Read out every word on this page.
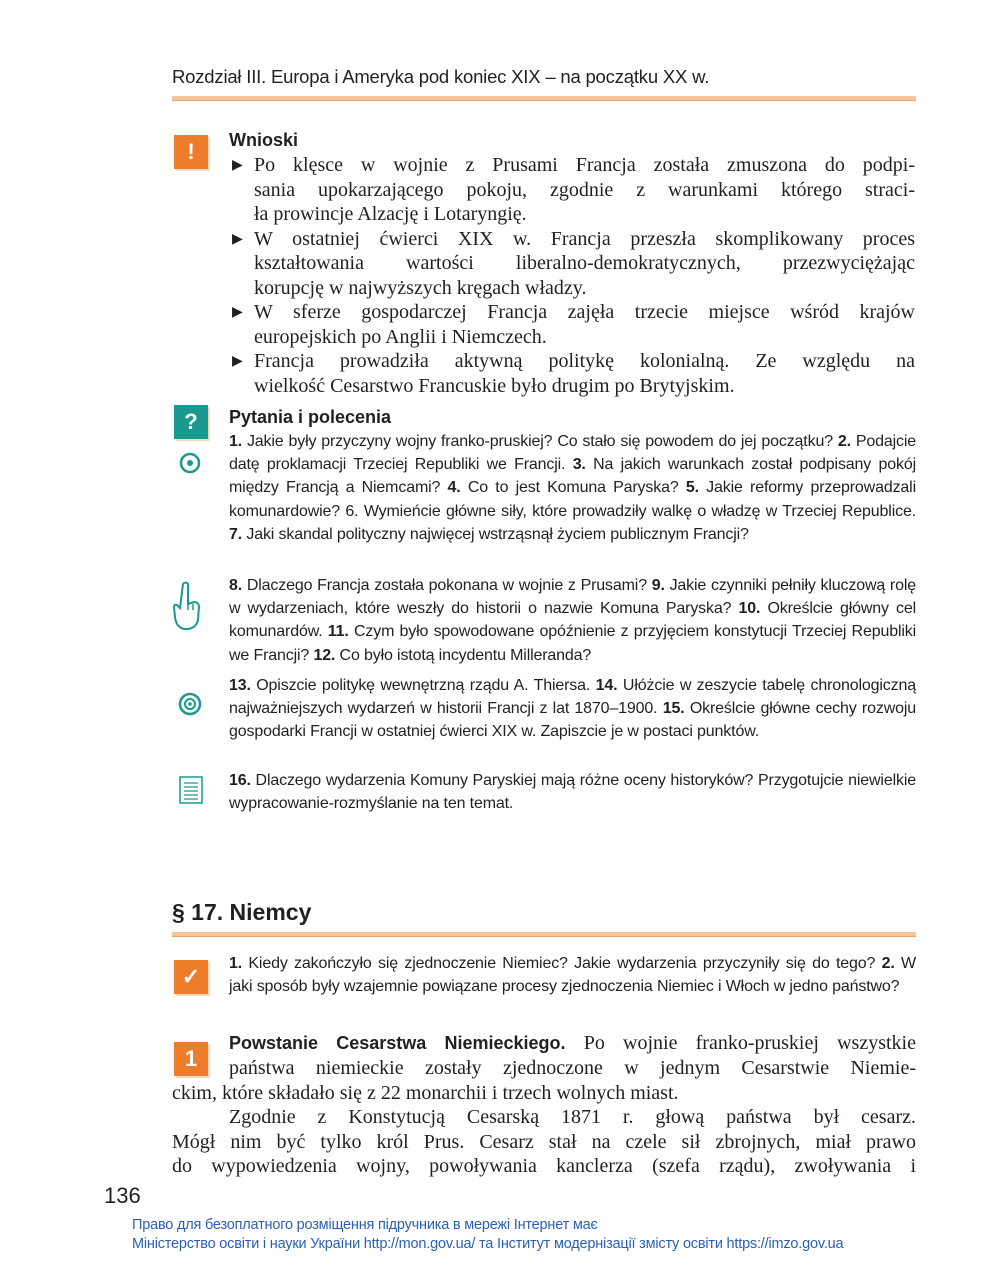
Rozdział III. Europa i Ameryka pod koniec XIX – na początku XX w.
!	Wnioski
▶ Po klęsce w wojnie z Prusami Francja została zmuszona do podpi-
sania upokarzającego pokoju, zgodnie z warunkami którego straci-
ła prowincje Alzację i Lotaryngię.
▶ W ostatniej ćwierci XIX w. Francja przeszła skomplikowany proces
kształtowania wartości liberalno-demokratycznych, przezwyciężając
korupcję w najwyższych kręgach władzy.
▶ W sferze gospodarczej Francja zajęła trzecie miejsce wśród krajów
europejskich po Anglii i Niemczech.
▶ Francja prowadziła aktywną politykę kolonialną. Ze względu na
wielkość Cesarstwo Francuskie było drugim po Brytyjskim.
?	Pytania i polecenia
1. Jakie były przyczyny wojny franko-pruskiej? Co stało się powodem do jej początku? 2. Podajcie datę proklamacji Trzeciej Republiki we Francji. 3. Na jakich warunkach został podpisany pokój między Francją a Niemcami? 4. Co to jest Komuna Paryska? 5. Jakie reformy przeprowadzali komunardowie? 6. Wymieńcie główne siły, które prowadziły walkę o władzę w Trzeciej Republice. 7. Jaki skandal polityczny najwięcej wstrząsnął życiem publicznym Francji?
8. Dlaczego Francja została pokonana w wojnie z Prusami? 9. Jakie czynniki pełniły kluczową rolę w wydarzeniach, które weszły do historii o nazwie Komuna Paryska? 10. Określcie główny cel komunardów. 11. Czym było spowodowane opóźnienie z przyjęciem konstytucji Trzeciej Republiki we Francji? 12. Co było istotą incydentu Milleranda?
13. Opiszcie politykę wewnętrzną rządu A. Thiersa. 14. Ułóżcie w zeszycie tabelę chronologiczną najważniejszych wydarzeń w historii Francji z lat 1870–1900. 15. Określcie główne cechy rozwoju gospodarki Francji w ostatniej ćwierci XIX w. Zapiszcie je w postaci punktów.
16. Dlaczego wydarzenia Komuny Paryskiej mają różne oceny historyków? Przygotujcie niewielkie wypracowanie-rozmyślanie na ten temat.
§ 17. Niemcy
✓
1. Kiedy zakończyło się zjednoczenie Niemiec? Jakie wydarzenia przyczyniły się do tego? 2. W jaki sposób były wzajemnie powiązane procesy zjednoczenia Niemiec i Włoch w jedno państwo?
1
Powstanie Cesarstwa Niemieckiego. Po wojnie franko-pruskiej wszystkie
państwa niemieckie zostały zjednoczone w jednym Cesarstwie Niemie-
ckim, które składało się z 22 monarchii i trzech wolnych miast.
Zgodnie z Konstytucją Cesarską 1871 r. głową państwa był cesarz.
Mógł nim być tylko król Prus. Cesarz stał na czele sił zbrojnych, miał prawo
do wypowiedzenia wojny, powoływania kanclerza (szefa rządu), zwoływania i
136
Право для безоплатного розміщення підручника в мережі Інтернет має
Міністерство освіти і науки України http://mon.gov.ua/ та Інститут модернізації змісту освіти https://imzo.gov.ua
